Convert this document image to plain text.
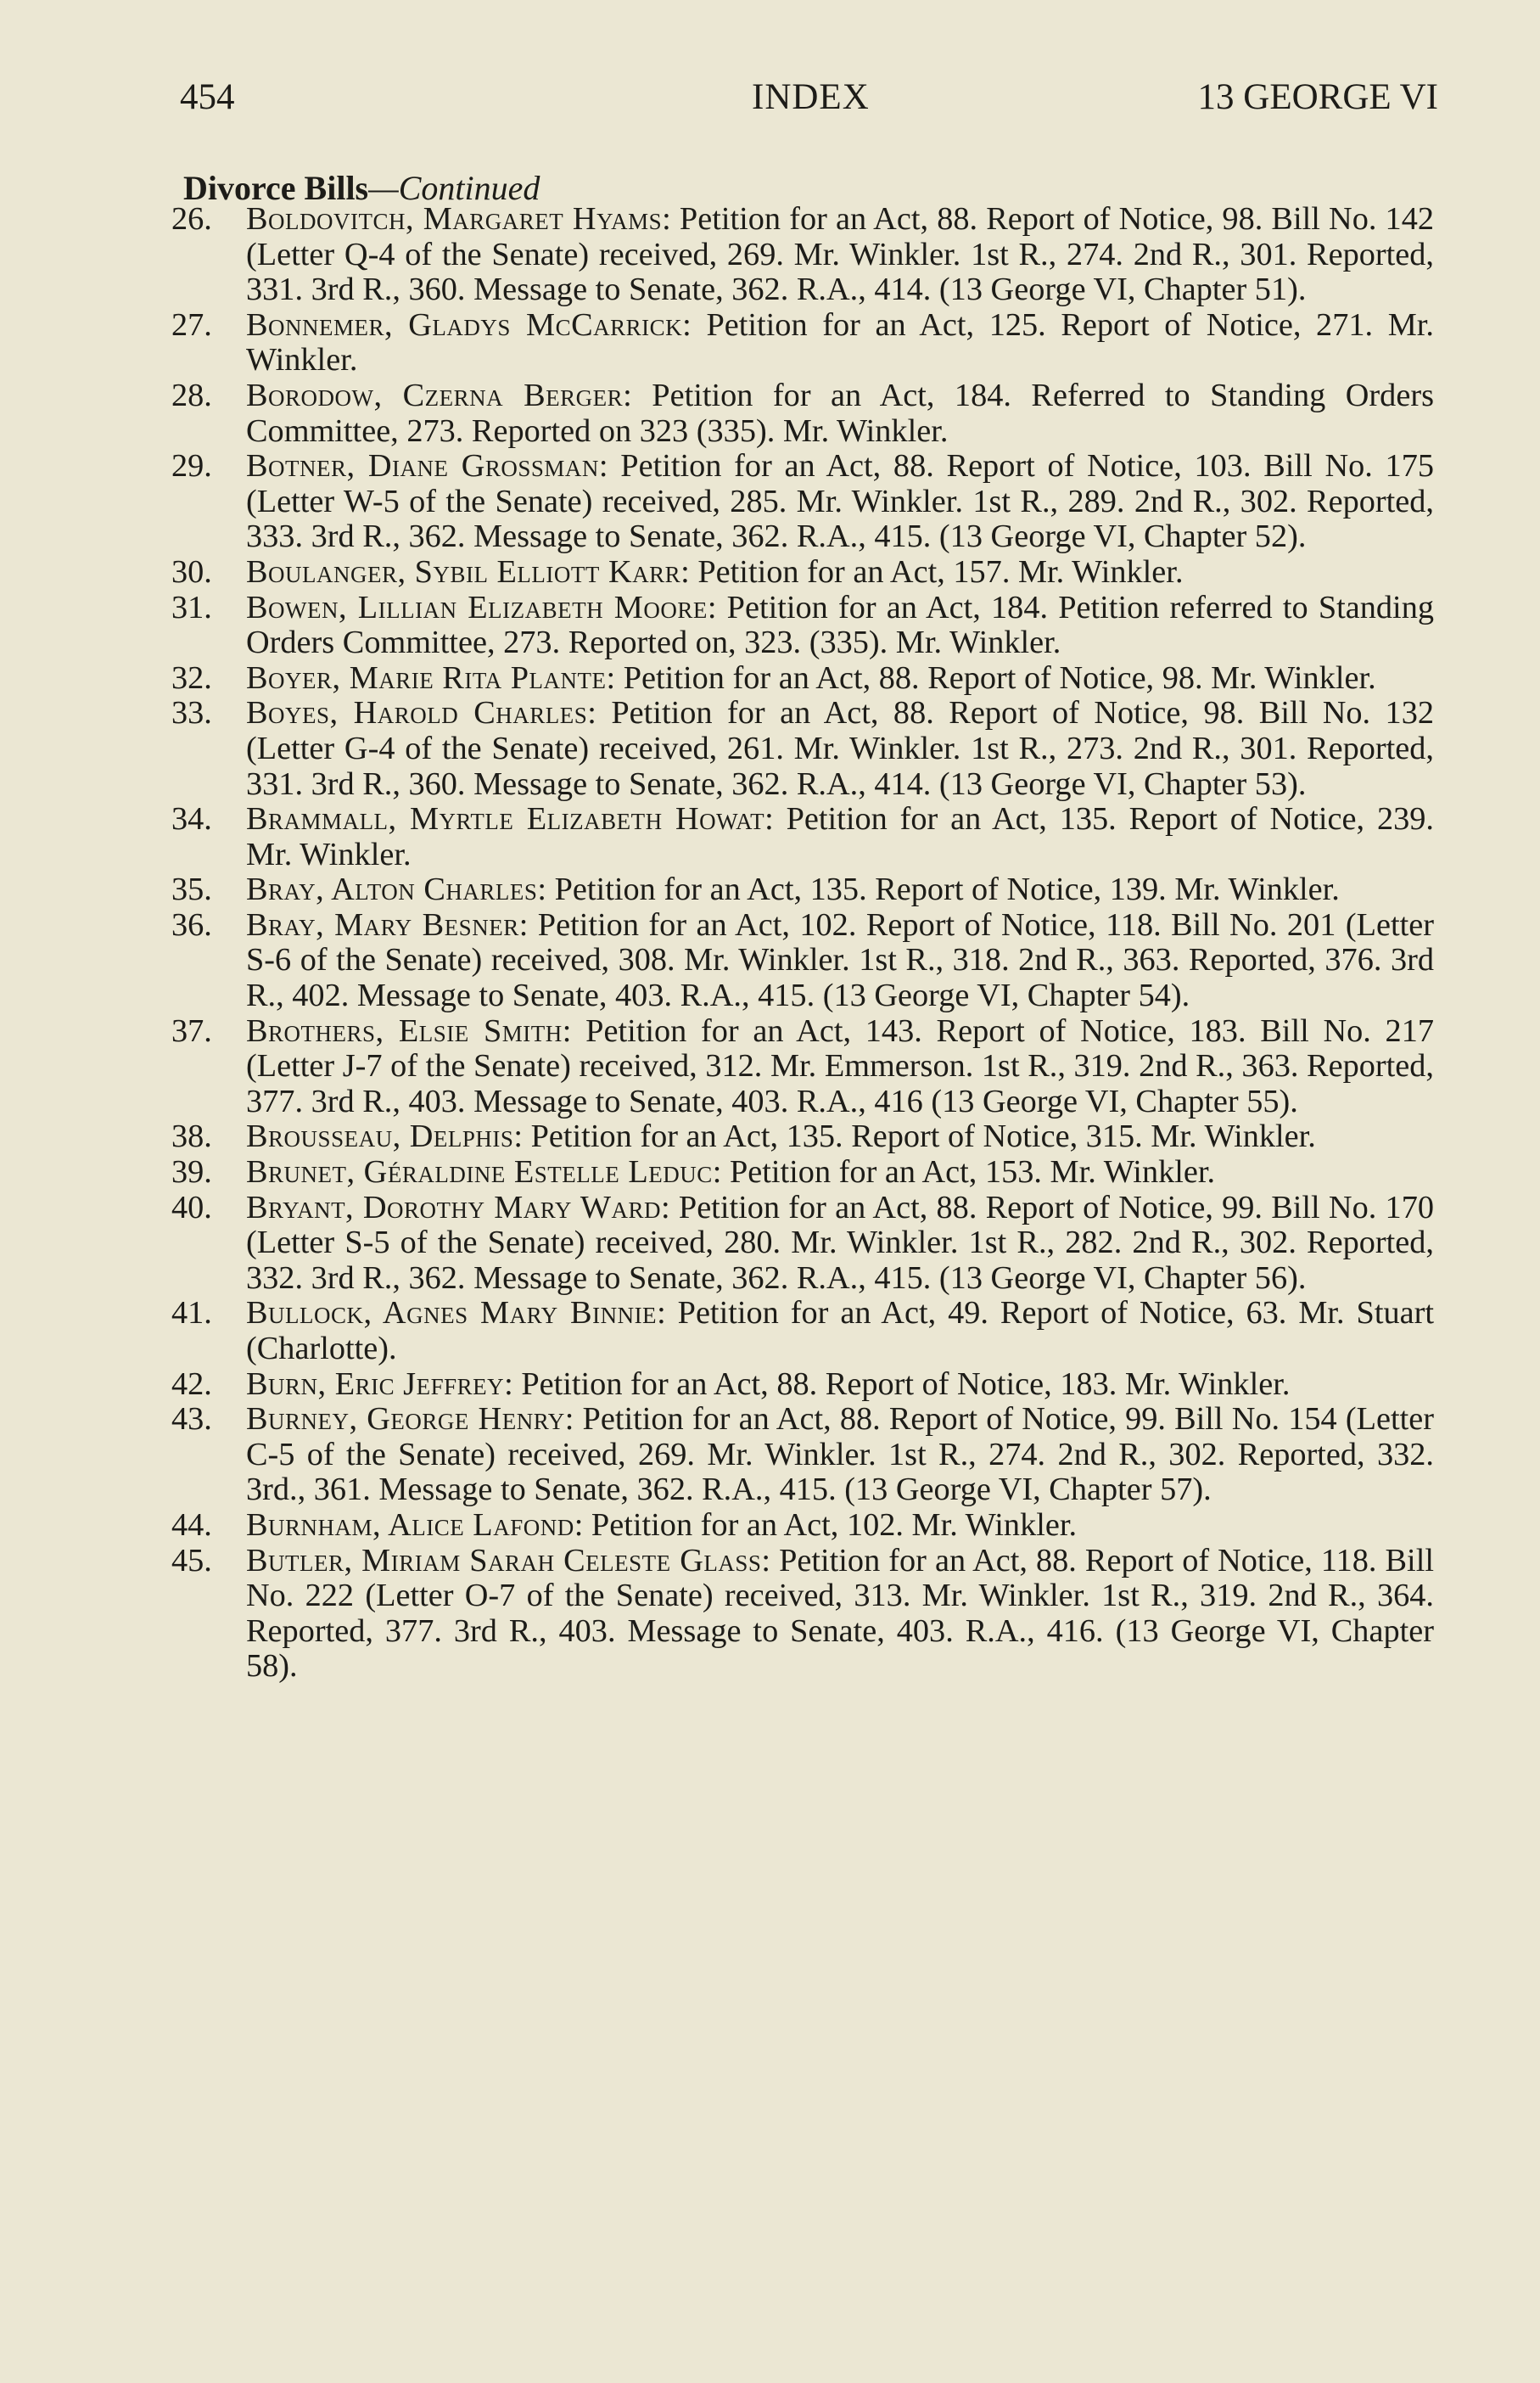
454	INDEX	13 GEORGE VI
Divorce Bills—Continued
26.	Boldovitch, Margaret Hyams: Petition for an Act, 88. Report of Notice, 98. Bill No. 142 (Letter Q-4 of the Senate) received, 269. Mr. Winkler. 1st R., 274. 2nd R., 301. Reported, 331. 3rd R., 360. Message to Senate, 362. R.A., 414. (13 George VI, Chapter 51).
27.	Bonnemer, Gladys McCarrick: Petition for an Act, 125. Report of Notice, 271. Mr. Winkler.
28.	Borodow, Czerna Berger: Petition for an Act, 184. Referred to Standing Orders Committee, 273. Reported on 323 (335). Mr. Winkler.
29.	Botner, Diane Grossman: Petition for an Act, 88. Report of Notice, 103. Bill No. 175 (Letter W-5 of the Senate) received, 285. Mr. Winkler. 1st R., 289. 2nd R., 302. Reported, 333. 3rd R., 362. Message to Senate, 362. R.A., 415. (13 George VI, Chapter 52).
30.	Boulanger, Sybil Elliott Karr: Petition for an Act, 157. Mr. Winkler.
31.	Bowen, Lillian Elizabeth Moore: Petition for an Act, 184. Petition referred to Standing Orders Committee, 273. Reported on, 323. (335). Mr. Winkler.
32.	Boyer, Marie Rita Plante: Petition for an Act, 88. Report of Notice, 98. Mr. Winkler.
33.	Boyes, Harold Charles: Petition for an Act, 88. Report of Notice, 98. Bill No. 132 (Letter G-4 of the Senate) received, 261. Mr. Winkler. 1st R., 273. 2nd R., 301. Reported, 331. 3rd R., 360. Message to Senate, 362. R.A., 414. (13 George VI, Chapter 53).
34.	Brammall, Myrtle Elizabeth Howat: Petition for an Act, 135. Report of Notice, 239. Mr. Winkler.
35.	Bray, Alton Charles: Petition for an Act, 135. Report of Notice, 139. Mr. Winkler.
36.	Bray, Mary Besner: Petition for an Act, 102. Report of Notice, 118. Bill No. 201 (Letter S-6 of the Senate) received, 308. Mr. Winkler. 1st R., 318. 2nd R., 363. Reported, 376. 3rd R., 402. Message to Senate, 403. R.A., 415. (13 George VI, Chapter 54).
37.	Brothers, Elsie Smith: Petition for an Act, 143. Report of Notice, 183. Bill No. 217 (Letter J-7 of the Senate) received, 312. Mr. Emmerson. 1st R., 319. 2nd R., 363. Reported, 377. 3rd R., 403. Message to Senate, 403. R.A., 416 (13 George VI, Chapter 55).
38.	Brousseau, Delphis: Petition for an Act, 135. Report of Notice, 315. Mr. Winkler.
39.	Brunet, Géraldine Estelle Leduc: Petition for an Act, 153. Mr. Winkler.
40.	Bryant, Dorothy Mary Ward: Petition for an Act, 88. Report of Notice, 99. Bill No. 170 (Letter S-5 of the Senate) received, 280. Mr. Winkler. 1st R., 282. 2nd R., 302. Reported, 332. 3rd R., 362. Message to Senate, 362. R.A., 415. (13 George VI, Chapter 56).
41.	Bullock, Agnes Mary Binnie: Petition for an Act, 49. Report of Notice, 63. Mr. Stuart (Charlotte).
42.	Burn, Eric Jeffrey: Petition for an Act, 88. Report of Notice, 183. Mr. Winkler.
43.	Burney, George Henry: Petition for an Act, 88. Report of Notice, 99. Bill No. 154 (Letter C-5 of the Senate) received, 269. Mr. Winkler. 1st R., 274. 2nd R., 302. Reported, 332. 3rd., 361. Message to Senate, 362. R.A., 415. (13 George VI, Chapter 57).
44.	Burnham, Alice Lafond: Petition for an Act, 102. Mr. Winkler.
45.	Butler, Miriam Sarah Celeste Glass: Petition for an Act, 88. Report of Notice, 118. Bill No. 222 (Letter O-7 of the Senate) received, 313. Mr. Winkler. 1st R., 319. 2nd R., 364. Reported, 377. 3rd R., 403. Message to Senate, 403. R.A., 416. (13 George VI, Chapter 58).
